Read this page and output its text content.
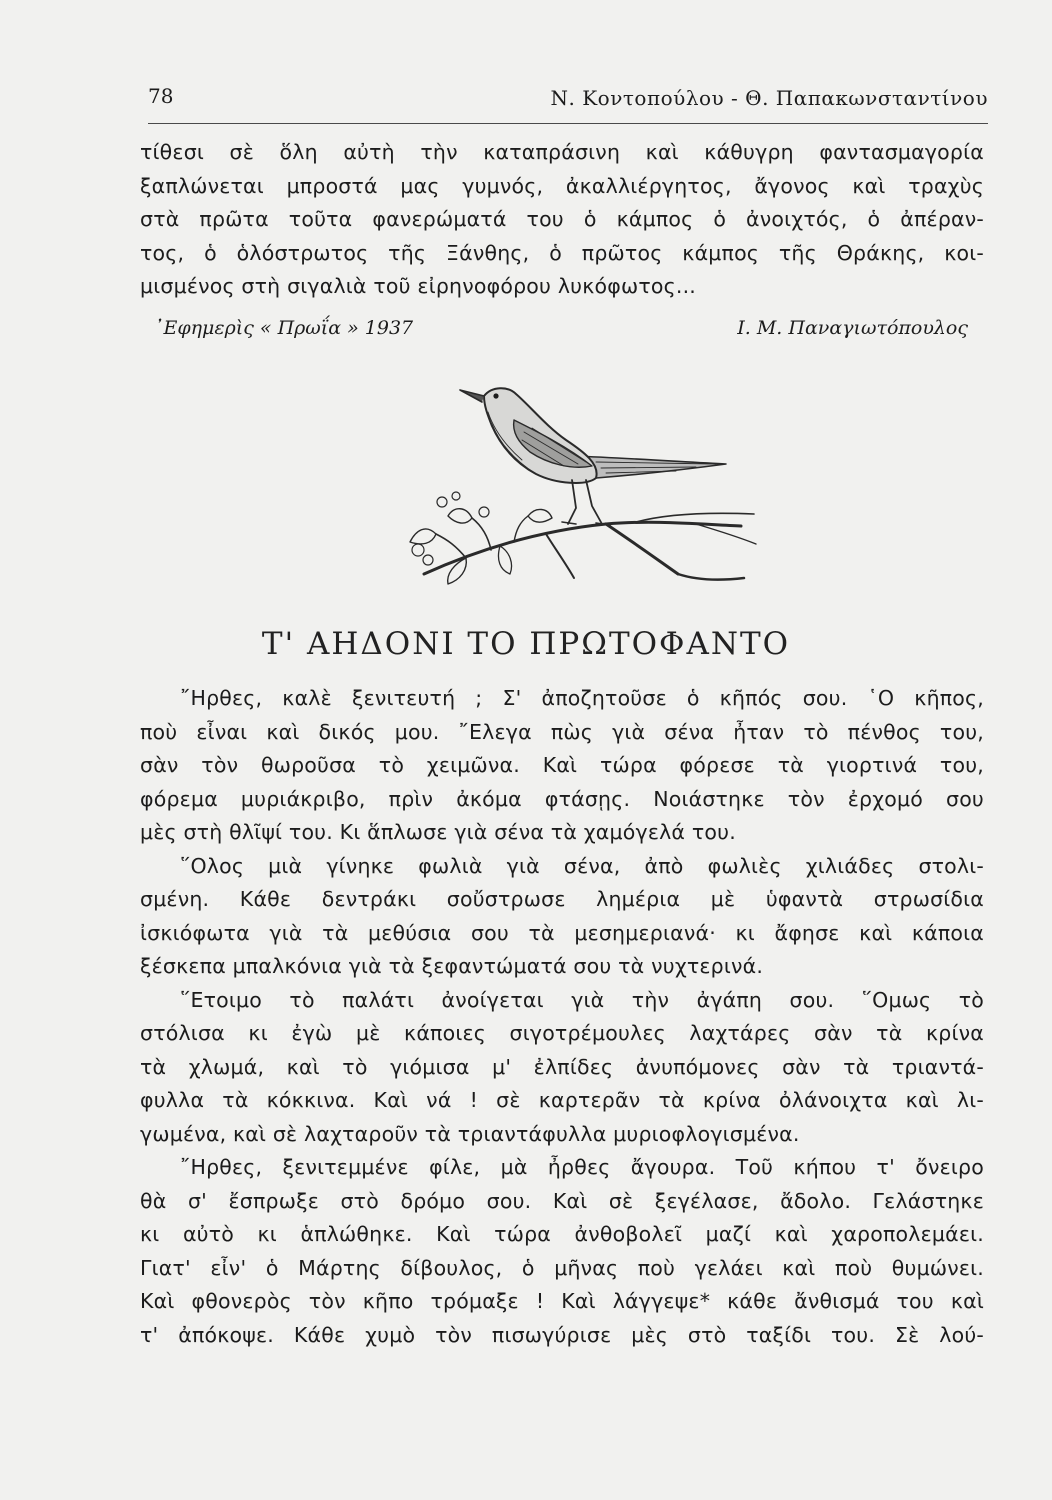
78	Ν. Κοντοπούλου - Θ. Παπακωνσταντίνου
τίθεσι σὲ ὅλη αὐτὴ τὴν καταπράσινη καὶ κάθυγρη φαντασμαγορία
ξαπλώνεται μπροστά μας γυμνός, ἀκαλλιέργητος, ἄγονος καὶ τραχὺς
στὰ πρῶτα τοῦτα φανερώματά του ὁ κάμπος ὁ ἀνοιχτός, ὁ ἀπέραν-
τος, ὁ ὁλόστρωτος τῆς Ξάνθης, ὁ πρῶτος κάμπος τῆς Θράκης, κοι-
μισμένος στὴ σιγαλιὰ τοῦ εἰρηνοφόρου λυκόφωτος...
᾿Εφημερὶς « Πρωΐα » 1937	Ι. Μ. Παναγιωτόπουλος
Τ' ΑΗΔΟΝΙ ΤΟ ΠΡΩΤΟΦΑΝΤΟ
῎Ηρθες, καλὲ ξενιτευτή ; Σ' ἀποζητοῦσε ὁ κῆπός σου. ῾Ο κῆπος,
ποὺ εἶναι καὶ δικός μου. ῎Ελεγα πὼς γιὰ σένα ἦταν τὸ πένθος του,
σὰν τὸν θωροῦσα τὸ χειμῶνα. Καὶ τώρα φόρεσε τὰ γιορτινά του,
φόρεμα μυριάκριβο, πρὶν ἀκόμα φτάσῃς. Νοιάστηκε τὸν ἐρχομό σου
μὲς στὴ θλῖψί του. Κι ἅπλωσε γιὰ σένα τὰ χαμόγελά του.
῞Ολος μιὰ γίνηκε φωλιὰ γιὰ σένα, ἀπὸ φωλιὲς χιλιάδες στολι-
σμένη. Κάθε δεντράκι σοὔστρωσε λημέρια μὲ ὑφαντὰ στρωσίδια
ἰσκιόφωτα γιὰ τὰ μεθύσια σου τὰ μεσημεριανά· κι ἄφησε καὶ κάποια
ξέσκεπα μπαλκόνια γιὰ τὰ ξεφαντώματά σου τὰ νυχτερινά.
῞Ετοιμο τὸ παλάτι ἀνοίγεται γιὰ τὴν ἀγάπη σου. ῞Ομως τὸ
στόλισα κι ἐγὼ μὲ κάποιες σιγοτρέμουλες λαχτάρες σὰν τὰ κρίνα
τὰ χλωμά, καὶ τὸ γιόμισα μ' ἐλπίδες ἀνυπόμονες σὰν τὰ τριαντά-
φυλλα τὰ κόκκινα. Καὶ νά ! σὲ καρτερᾶν τὰ κρίνα ὀλάνοιχτα καὶ λι-
γωμένα, καὶ σὲ λαχταροῦν τὰ τριαντάφυλλα μυριοφλογισμένα.
῎Ηρθες, ξενιτεμμένε φίλε, μὰ ἦρθες ἄγουρα. Τοῦ κήπου τ' ὄνειρο
θὰ σ' ἔσπρωξε στὸ δρόμο σου. Καὶ σὲ ξεγέλασε, ἄδολο. Γελάστηκε
κι αὐτὸ κι ἁπλώθηκε. Καὶ τώρα ἀνθοβολεῖ μαζί καὶ χαροπολεμάει.
Γιατ' εἶν' ὁ Μάρτης δίβουλος, ὁ μῆνας ποὺ γελάει καὶ ποὺ θυμώνει.
Καὶ φθονερὸς τὸν κῆπο τρόμαξε ! Καὶ λάγγεψε* κάθε ἄνθισμά του καὶ
τ' ἀπόκοψε. Κάθε χυμὸ τὸν πισωγύρισε μὲς στὸ ταξίδι του. Σὲ λού-
